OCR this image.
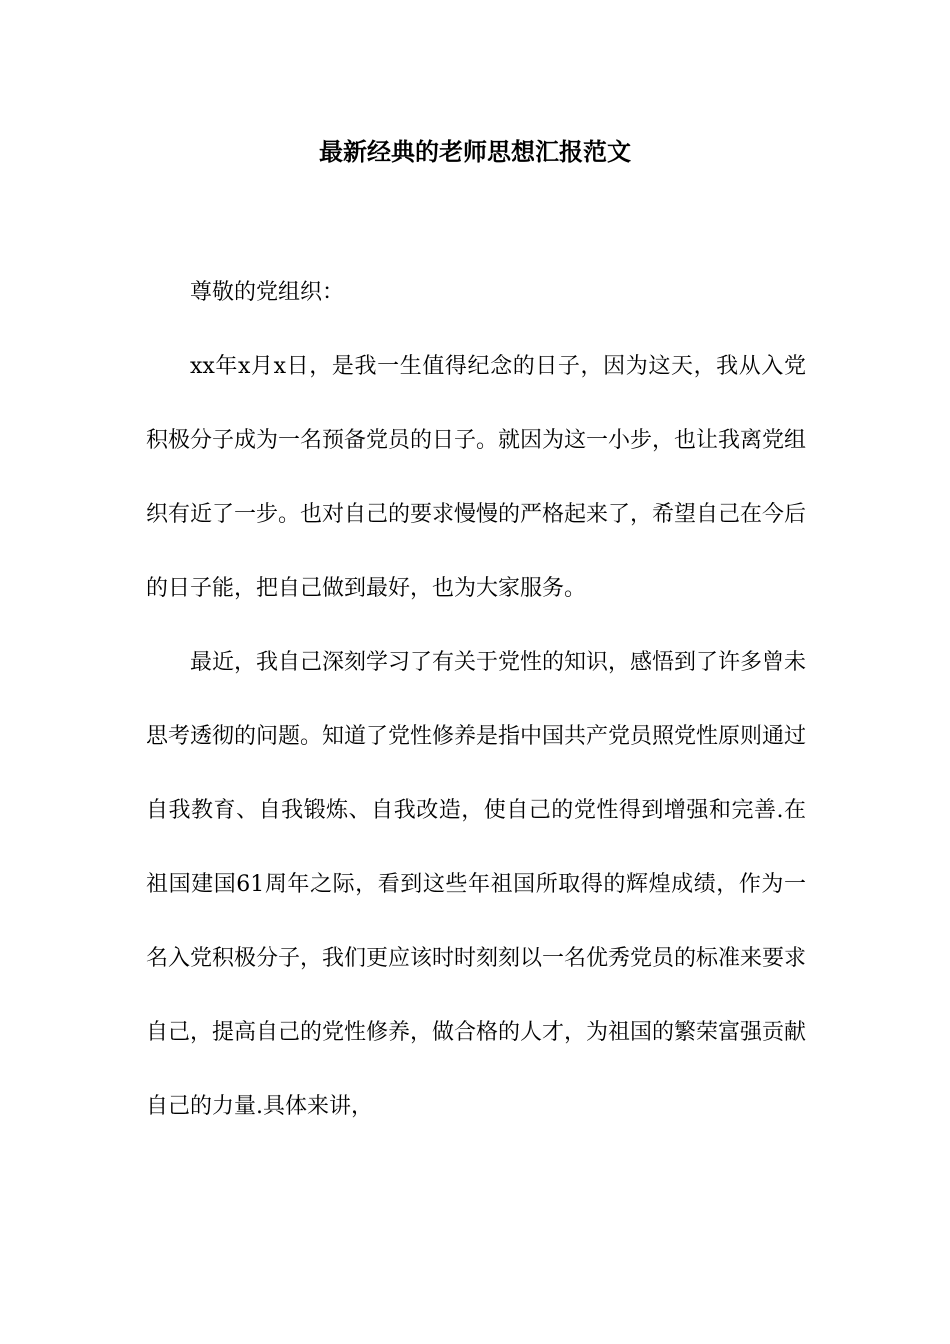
最新经典的老师思想汇报范文

尊敬的党组织：

xx年x月x日，是我一生值得纪念的日子，因为这天，我从入党积极分子成为一名预备党员的日子。就因为这一小步，也让我离党组织有近了一步。也对自己的要求慢慢的严格起来了，希望自己在今后的日子能，把自己做到最好，也为大家服务。

最近，我自己深刻学习了有关于党性的知识，感悟到了许多曾未思考透彻的问题。知道了党性修养是指中国共产党员照党性原则通过自我教育、自我锻炼、自我改造，使自己的党性得到增强和完善.在祖国建国61周年之际，看到这些年祖国所取得的辉煌成绩，作为一名入党积极分子，我们更应该时时刻刻以一名优秀党员的标准来要求自己，提高自己的党性修养，做合格的人才，为祖国的繁荣富强贡献自己的力量.具体来讲，
